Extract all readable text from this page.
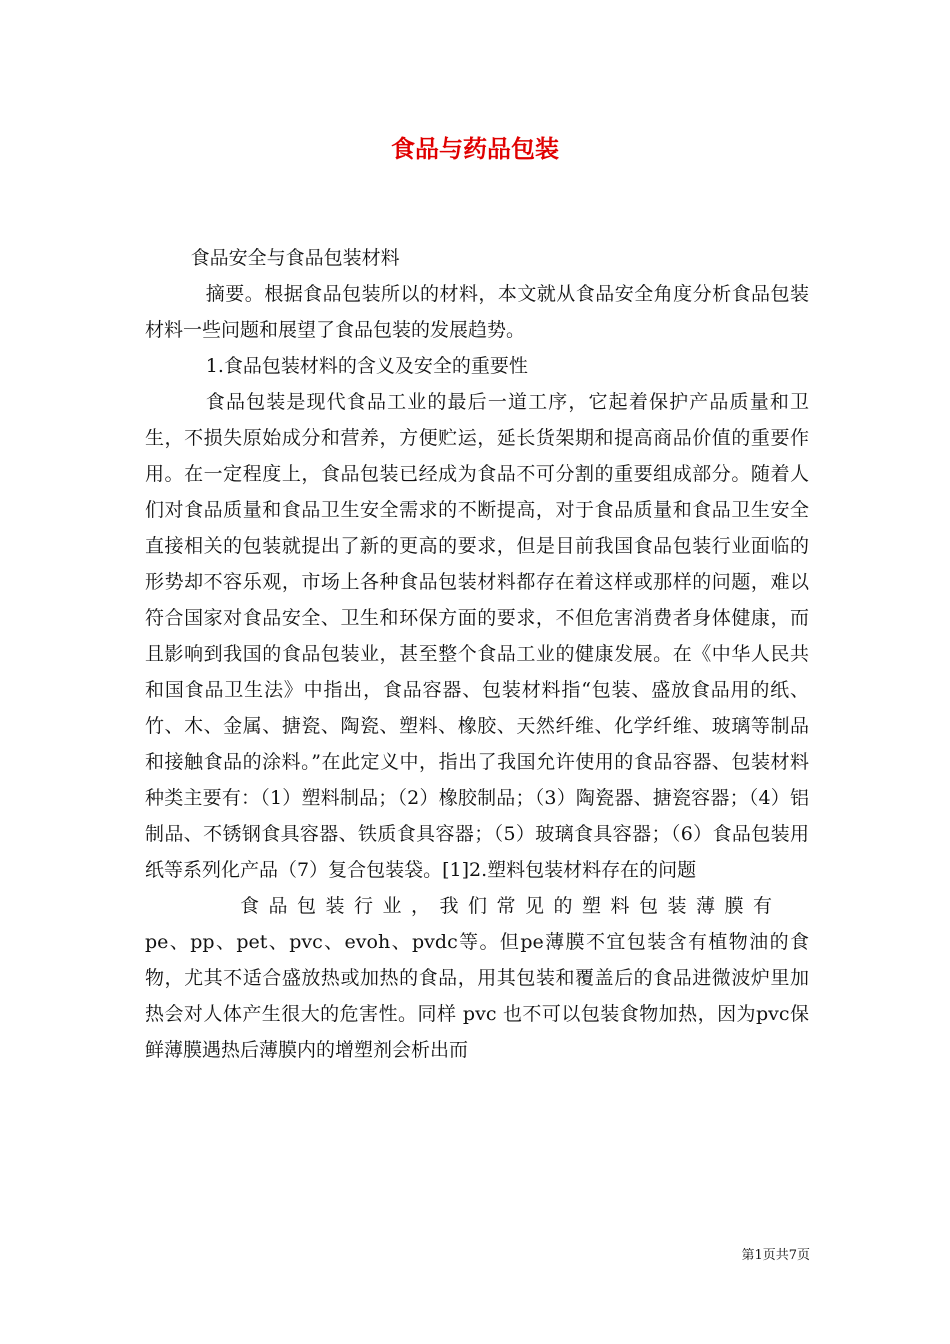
食品与药品包装

食品安全与食品包装材料

摘要。根据食品包装所以的材料，本文就从食品安全角度分析食品包装材料一些问题和展望了食品包装的发展趋势。

1.食品包装材料的含义及安全的重要性

食品包装是现代食品工业的最后一道工序，它起着保护产品质量和卫生，不损失原始成分和营养，方便贮运，延长货架期和提高商品价值的重要作用。在一定程度上，食品包装已经成为食品不可分割的重要组成部分。随着人们对食品质量和食品卫生安全需求的不断提高，对于食品质量和食品卫生安全直接相关的包装就提出了新的更高的要求，但是目前我国食品包装行业面临的形势却不容乐观，市场上各种食品包装材料都存在着这样或那样的问题，难以符合国家对食品安全、卫生和环保方面的要求，不但危害消费者身体健康，而且影响到我国的食品包装业，甚至整个食品工业的健康发展。在《中华人民共和国食品卫生法》中指出，食品容器、包装材料指“包装、盛放食品用的纸、竹、木、金属、搪瓷、陶瓷、塑料、橡胶、天然纤维、化学纤维、玻璃等制品和接触食品的涂料。”在此定义中，指出了我国允许使用的食品容器、包装材料种类主要有：（1）塑料制品；（2）橡胶制品；（3）陶瓷器、搪瓷容器；（4）铝制品、不锈钢食具容器、铁质食具容器；（5）玻璃食具容器；（6）食品包装用纸等系列化产品（7）复合包装袋。[1]2.塑料包装材料存在的问题

食品包装行业，我们常见的塑料包装薄膜有

pe、pp、pet、pvc、evoh、pvdc等。但pe薄膜不宜包装含有植物油的食物，尤其不适合盛放热或加热的食品，用其包装和覆盖后的食品进微波炉里加热会对人体产生很大的危害性。同样 pvc 也不可以包装食物加热，因为pvc保鲜薄膜遇热后薄膜内的增塑剂会析出而

第1页共7页
